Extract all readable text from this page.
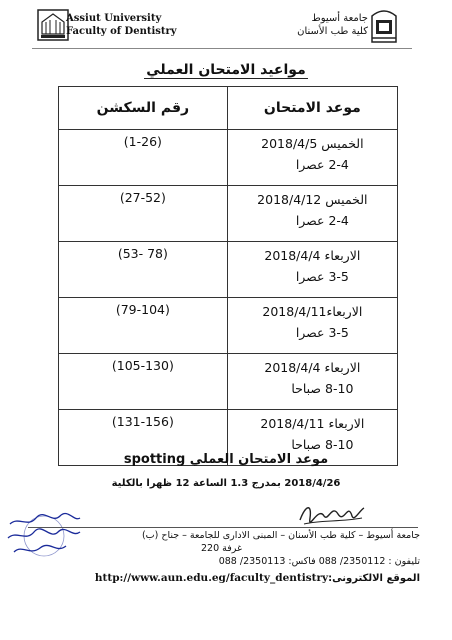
Assiut University
Faculty of Dentistry
جامعة أسيوط
كلية طب الأسنان
مواعيد الامتحان العملي
موعد الامتحان	رقم السكشن

الخميس 2018/4/5
2-4 عصرا	(1-26)

الخميس 2018/4/12
2-4 عصرا	(27-52)

الاربعاء 2018/4/4
3-5 عصرا	(53- 78)

الاربعاء2018/4/11
3-5 عصرا	(79-104)

الاربعاء 2018/4/4
8-10 صباحا	(105-130)

الاربعاء 2018/4/11
8-10 صباحا	(131-156)
موعد الامتحان العملي spotting
2018/4/26 بمدرج 1.3 الساعة 12 ظهرا بالكلية
جامعة أسيوط – كلية طب الأسنان – المبنى الادارى للجامعة – جناح (ب)
غرفة 220
تليفون : 2350112/ 088 فاكس: 2350113/ 088
الموقع الالكترونى:http://www.aun.edu.eg/faculty_dentistry
